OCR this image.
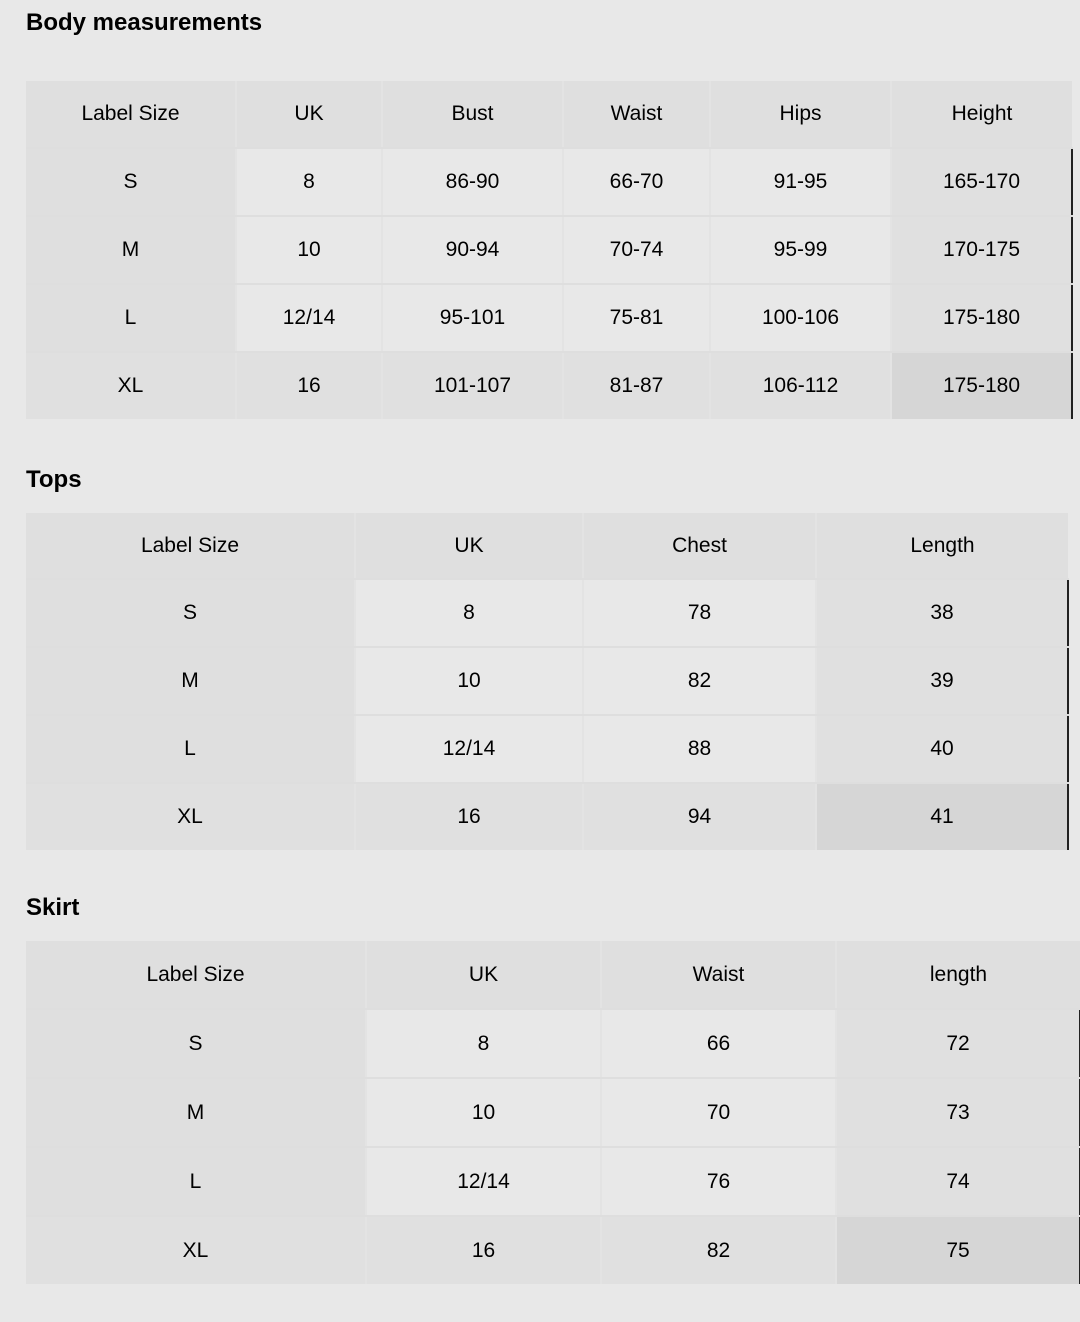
Body measurements
Label Size	UK	Bust	Waist	Hips	Height
S	8	86-90	66-70	91-95	165-170
M	10	90-94	70-74	95-99	170-175
L	12/14	95-101	75-81	100-106	175-180
XL	16	101-107	81-87	106-112	175-180
Tops
Label Size	UK	Chest	Length
S	8	78	38
M	10	82	39
L	12/14	88	40
XL	16	94	41
Skirt
Label Size	UK	Waist	length
S	8	66	72
M	10	70	73
L	12/14	76	74
XL	16	82	75
